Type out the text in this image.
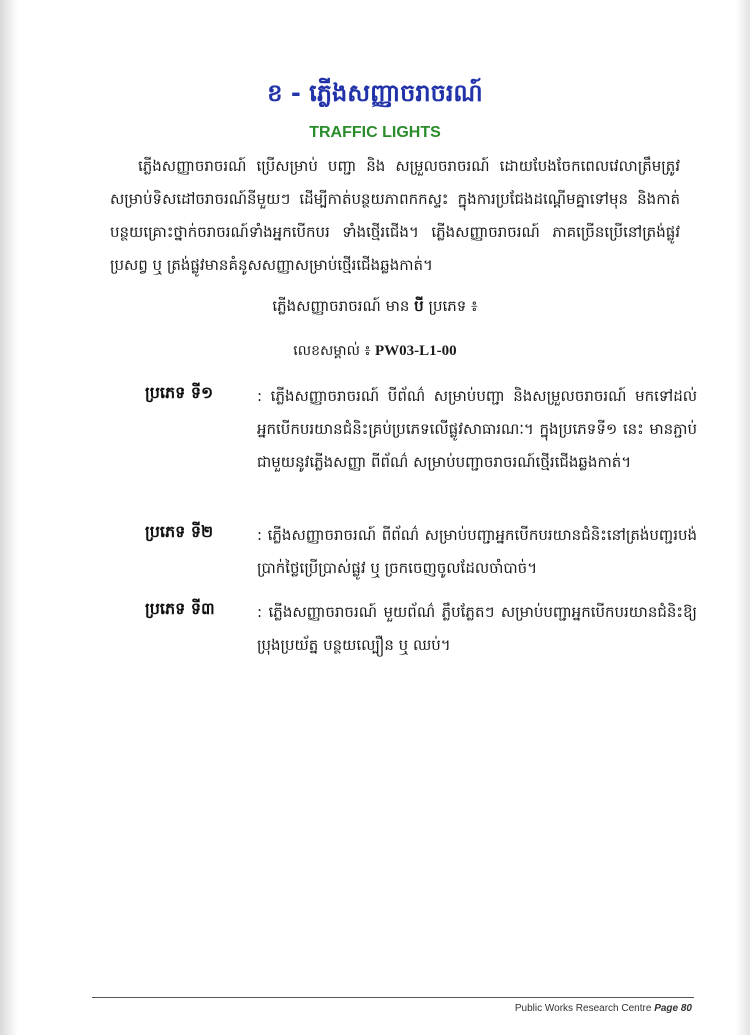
ខ - ភ្លើងសញ្ញាចរាចរណ៍
TRAFFIC LIGHTS
ភ្លើងសញ្ញាចរាចរណ៍ ប្រើសម្រាប់ បញ្ជា និង សម្រួលចរាចរណ៍ ដោយបែងចែកពេលវេលាត្រឹមត្រូវ សម្រាប់ទិសដៅចរាចរណ៍នីមួយៗ ដើម្បីកាត់បន្ថយភាពកកស្ទះ ក្នុងការប្រជែងដណ្ដើមគ្នាទៅមុន និងកាត់បន្ថយគ្រោះថ្នាក់ចរាចរណ៍ទាំងអ្នកបើកបរ ទាំងថ្មើរជើង។ ភ្លើងសញ្ញាចរាចរណ៍ ភាគច្រើនប្រើនៅត្រង់ផ្លូវប្រសព្វ ឬ ត្រង់ផ្លូវមានគំនូសសញ្ញាសម្រាប់ថ្មើរជើងឆ្លងកាត់។
ភ្លើងសញ្ញាចរាចរណ៍ មាន បី ប្រភេទ ៖
លេខសម្គាល់ ៖ PW03-L1-00
ប្រភេទ ទី១	: ភ្លើងសញ្ញាចរាចរណ៍ បីព័ណ៌ សម្រាប់បញ្ជា និងសម្រួលចរាចរណ៍ មកទៅដល់ អ្នកបើកបរយានជំនិះគ្រប់ប្រភេទលើផ្លូវសាធារណៈ។ ក្នុងប្រភេទទី១ នេះ មានភ្ជាប់ជាមួយនូវភ្លើងសញ្ញា ពីព័ណ៌ សម្រាប់បញ្ជាចរាចរណ៍ថ្មើរជើងឆ្លងកាត់។
ប្រភេទ ទី២	: ភ្លើងសញ្ញាចរាចរណ៍ ពីព័ណ៌ សម្រាប់បញ្ជាអ្នកបើកបរយានជំនិះនៅត្រង់បញ្ជរបង់ប្រាក់ថ្លៃប្រើប្រាស់ផ្លូវ ឬ ច្រកចេញចូលដែលចាំបាច់។
ប្រភេទ ទី៣	: ភ្លើងសញ្ញាចរាចរណ៍ មួយព័ណ៌ ភ្លឹបភ្លែតៗ សម្រាប់បញ្ជាអ្នកបើកបរយានជំនិះឱ្យប្រុងប្រយ័ត្ន បន្ថយល្បឿន ឬ ឈប់។
Public Works Research Centre Page 80
